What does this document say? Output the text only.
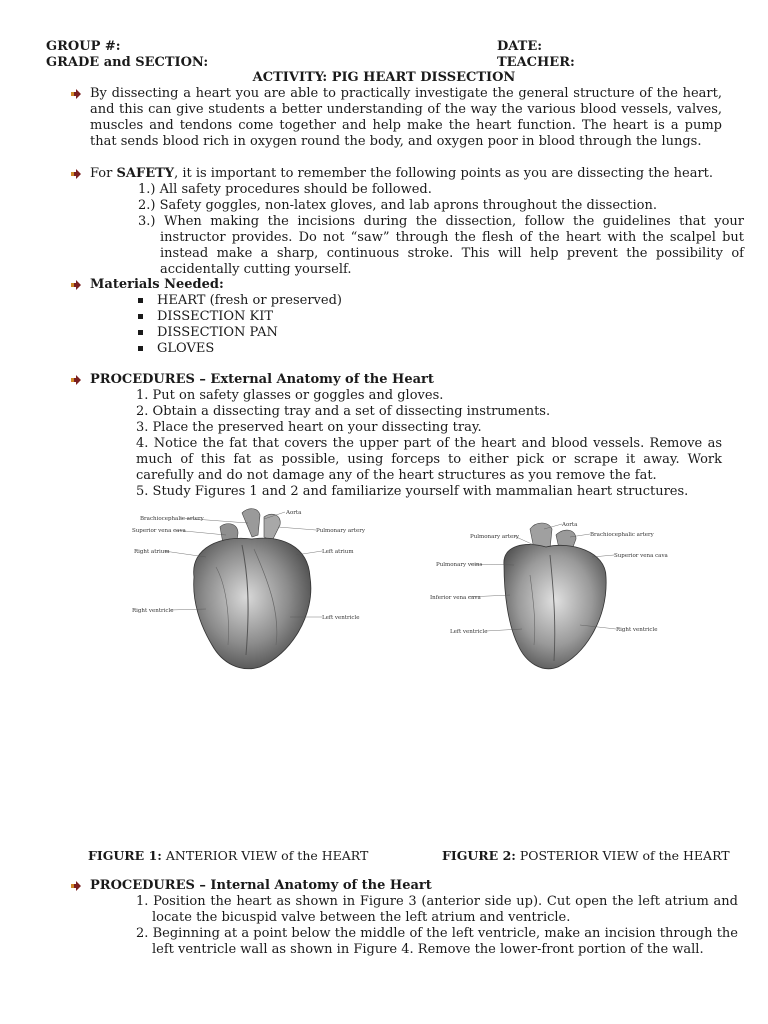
GROUP #:	DATE:
GRADE and SECTION:	TEACHER:
ACTIVITY: PIG HEART DISSECTION
By dissecting a heart you are able to practically investigate the general structure of the heart, and this can give students a better understanding of the way the various blood vessels, valves, muscles and tendons come together and help make the heart function. The heart is a pump that sends blood rich in oxygen round the body, and oxygen poor in blood through the lungs.
For SAFETY, it is important to remember the following points as you are dissecting the heart.
1.) All safety procedures should be followed.
2.) Safety goggles, non-latex gloves, and lab aprons throughout the dissection.
3.) When making the incisions during the dissection, follow the guidelines that your instructor provides. Do not “saw” through the flesh of the heart with the scalpel but instead make a sharp, continuous stroke. This will help prevent the possibility of accidentally cutting yourself.
Materials Needed:
HEART (fresh or preserved)
DISSECTION KIT
DISSECTION PAN
GLOVES
PROCEDURES – External Anatomy of the Heart
1. Put on safety glasses or goggles and gloves.
2. Obtain a dissecting tray and a set of dissecting instruments.
3. Place the preserved heart on your dissecting tray.
4. Notice the fat that covers the upper part of the heart and blood vessels. Remove as much of this fat as possible, using forceps to either pick or scrape it away. Work carefully and do not damage any of the heart structures as you remove the fat.
5. Study Figures 1 and 2 and familiarize yourself with mammalian heart structures.
Brachiocephalic artery
Aorta
Superior vena cava	Pulmonary artery
Right atrium	Left atrium
Right ventricle
Left ventricle
Aorta
Pulmonary artery	Brachiocephalic artery
Superior vena cava
Pulmonary veins
Inferior vena cava
Left ventricle	Right ventricle
FIGURE 1: ANTERIOR VIEW of the HEART	FIGURE 2: POSTERIOR VIEW of the HEART
PROCEDURES – Internal Anatomy of the Heart
1. Position the heart as shown in Figure 3 (anterior side up). Cut open the left atrium and locate the bicuspid valve between the left atrium and ventricle.
2. Beginning at a point below the middle of the left ventricle, make an incision through the left ventricle wall as shown in Figure 4. Remove the lower-front portion of the wall.
